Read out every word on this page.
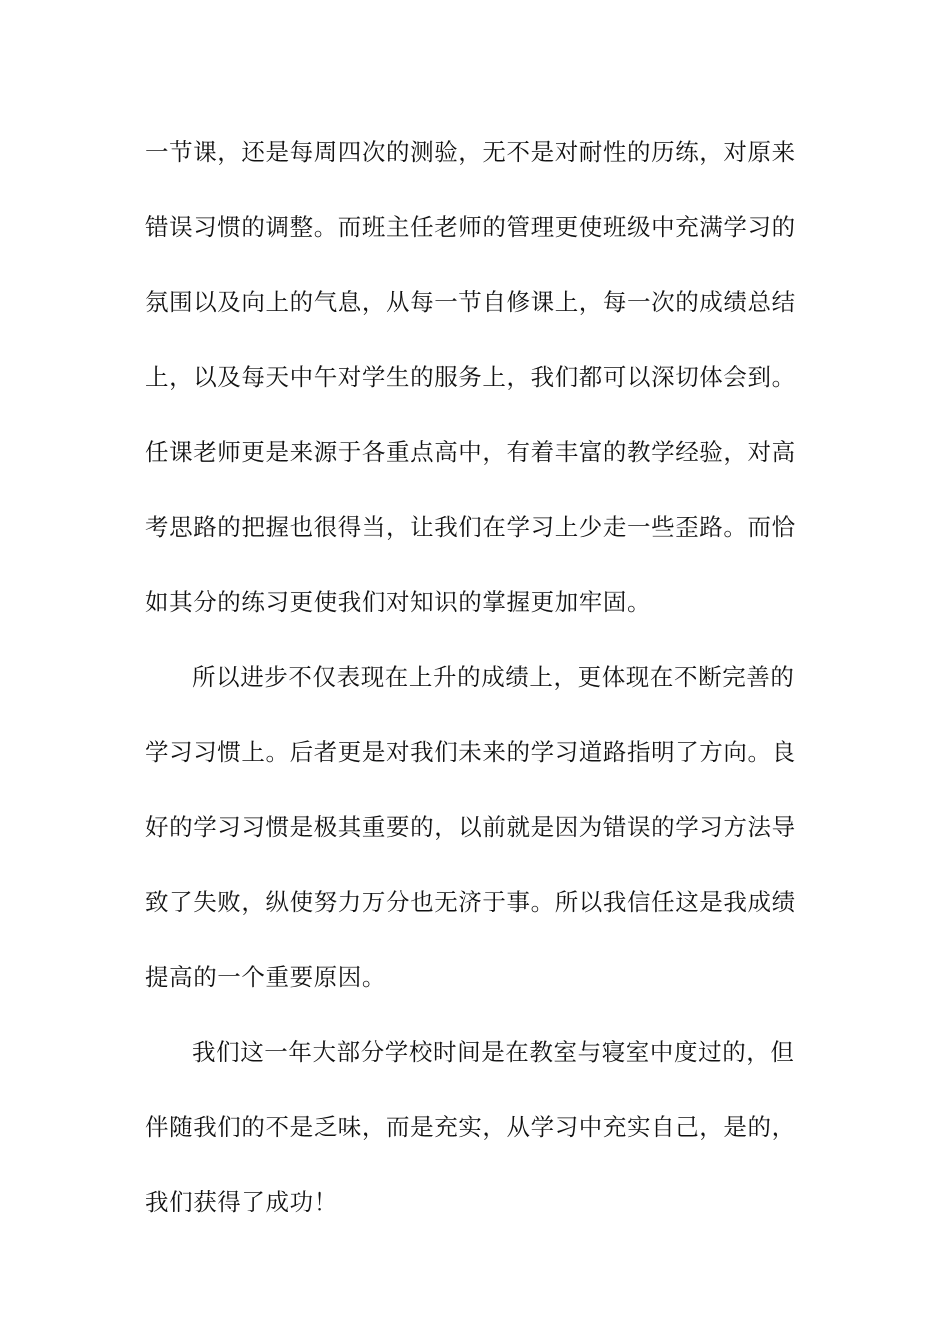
一节课，还是每周四次的测验，无不是对耐性的历练，对原来
错误习惯的调整。而班主任老师的管理更使班级中充满学习的
氛围以及向上的气息，从每一节自修课上，每一次的成绩总结
上，以及每天中午对学生的服务上，我们都可以深切体会到。
任课老师更是来源于各重点高中，有着丰富的教学经验，对高
考思路的把握也很得当，让我们在学习上少走一些歪路。而恰
如其分的练习更使我们对知识的掌握更加牢固。
所以进步不仅表现在上升的成绩上，更体现在不断完善的
学习习惯上。后者更是对我们未来的学习道路指明了方向。良
好的学习习惯是极其重要的，以前就是因为错误的学习方法导
致了失败，纵使努力万分也无济于事。所以我信任这是我成绩
提高的一个重要原因。
我们这一年大部分学校时间是在教室与寝室中度过的，但
伴随我们的不是乏味，而是充实，从学习中充实自己，是的，
我们获得了成功！
